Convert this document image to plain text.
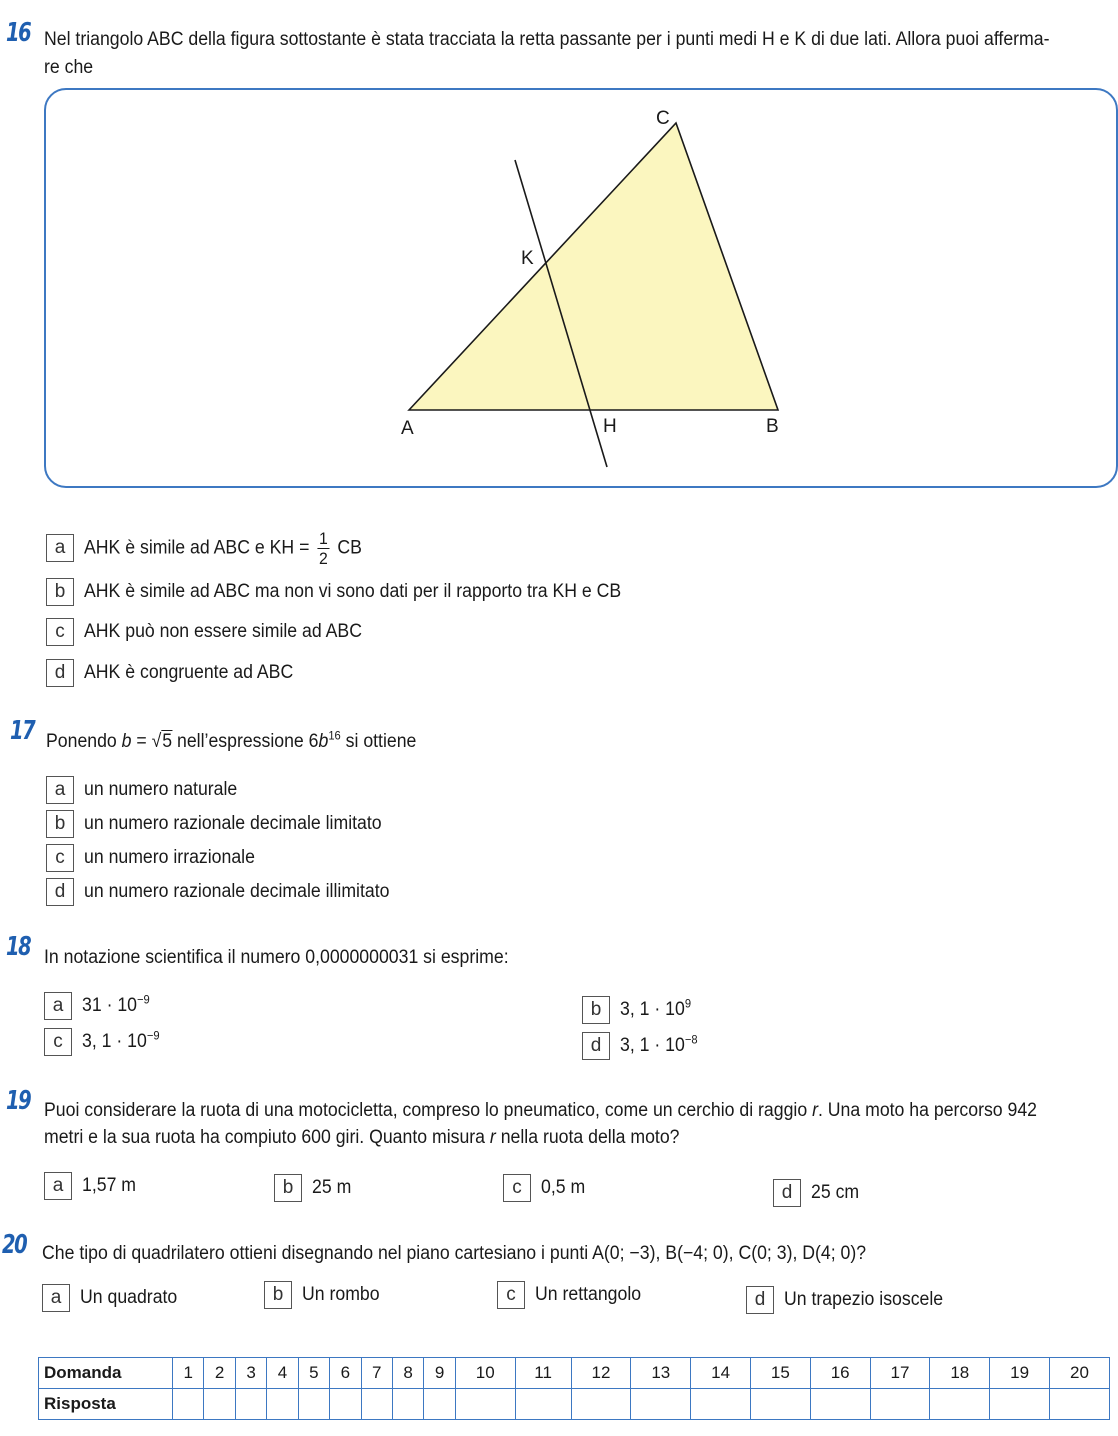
16 Nel triangolo ABC della figura sottostante è stata tracciata la retta passante per i punti medi H e K di due lati. Allora puoi afferma-
re che
C
K
A	H	B
a AHK è simile ad ABC e KH = $\frac{1}{2}$ CB
b AHK è simile ad ABC ma non vi sono dati per il rapporto tra KH e CB
c	AHK può non essere simile ad ABC
d AHK è congruente ad ABC
17 Ponendo b = √5 nell’espressione $6b^{16}$ si ottiene
a un numero naturale
b un numero razionale decimale limitato
c	un numero irrazionale
d un numero razionale decimale illimitato
18 In notazione scientifica il numero 0,0000000031 si esprime:
a $31 \cdot 10^{-9}$
c	3, $1 \cdot 10^{-9}$
b 3, $1 \cdot 10^9$
d 3, $1 \cdot 10^{-8}$
19 Puoi considerare la ruota di una motocicletta, compreso lo pneumatico, come un cerchio di raggio r. Una moto ha percorso 942
metri e la sua ruota ha compiuto 600 giri. Quanto misura r nella ruota della moto?
a 1,57 m	b 25 m	c	0,5 m	d 25 cm
20 Che tipo di quadrilatero ottieni disegnando nel piano cartesiano i punti A(0; −3), B(−4; 0), C(0; 3), D(4; 0)?
a Un quadrato	b Un rombo	c	Un rettangolo	d Un trapezio isoscele
Domanda	1	2	3	4	5	6	7	8	9	10	11	12	13	14	15	16	17	18	19	20
Risposta																				
